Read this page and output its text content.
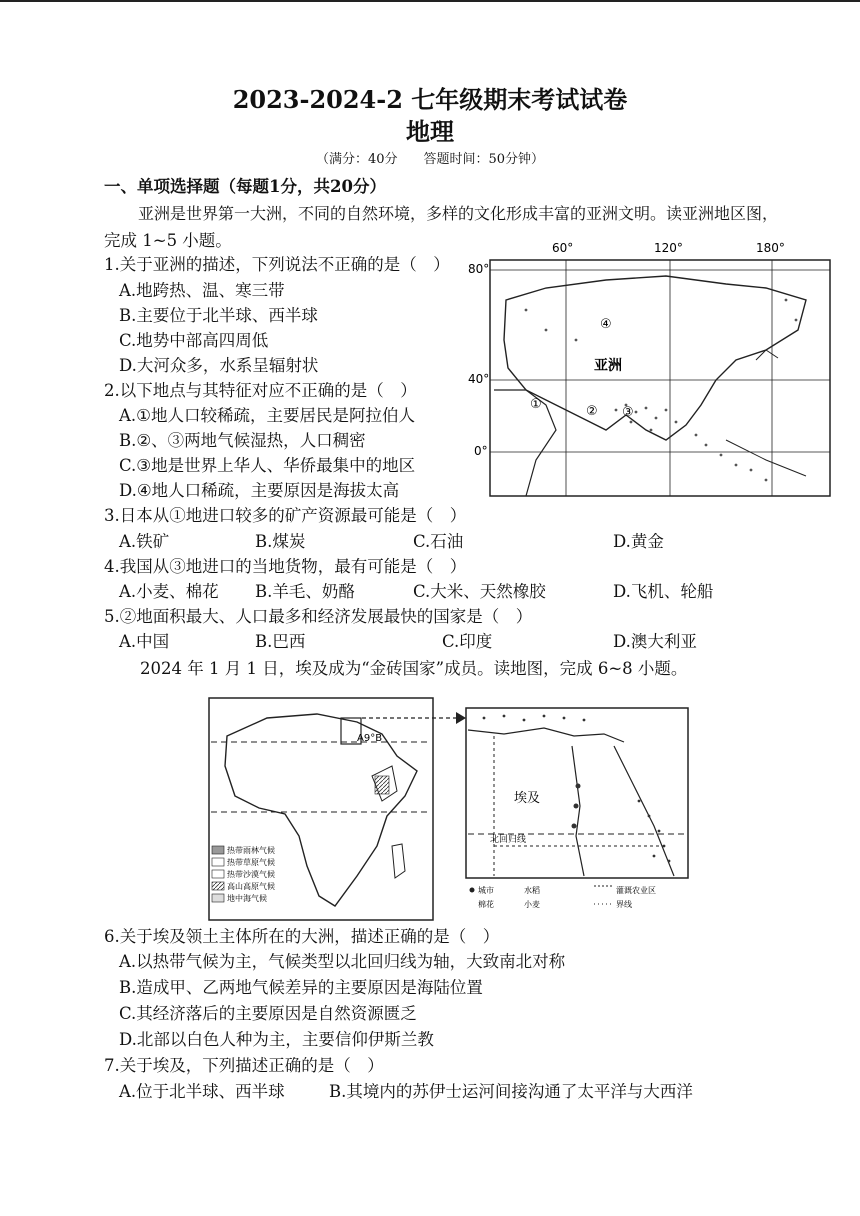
2023-2024-2 七年级期末考试试卷
地理
（满分：40分　　答题时间：50分钟）
一、单项选择题（每题1分，共20分）
亚洲是世界第一大洲，不同的自然环境，多样的文化形成丰富的亚洲文明。读亚洲地区图，
完成 1~5 小题。
1.关于亚洲的描述，下列说法不正确的是（　）
A.地跨热、温、寒三带
B.主要位于北半球、西半球
C.地势中部高四周低
D.大河众多，水系呈辐射状
2.以下地点与其特征对应不正确的是（　）
A.①地人口较稀疏，主要居民是阿拉伯人
B.②、③两地气候湿热，人口稠密
C.③地是世界上华人、华侨最集中的地区
D.④地人口稀疏，主要原因是海拔太高
3.日本从①地进口较多的矿产资源最可能是（　）
A.铁矿	B.煤炭	C.石油	D.黄金
4.我国从③地进口的当地货物，最有可能是（　）
A.小麦、棉花 B.羊毛、奶酪	C.大米、天然橡胶	D.飞机、轮船
5.②地面积最大、人口最多和经济发展最快的国家是（　）
A.中国	B.巴西	C.印度	D.澳大利亚
2024 年 1 月 1 日，埃及成为“金砖国家”成员。读地图，完成 6~8 小题。
60°	120°	180°
80°
40°
0°
亚洲
①	② ③
④
A9°B
热带雨林气候
热带草原气候
热带沙漠气候
高山高原气候
地中海气候
埃及
北回归线
城市	水稻	灌溉农业区
棉花	小麦	界线
6.关于埃及领土主体所在的大洲，描述正确的是（　）
A.以热带气候为主，气候类型以北回归线为轴，大致南北对称
B.造成甲、乙两地气候差异的主要原因是海陆位置
C.其经济落后的主要原因是自然资源匮乏
D.北部以白色人种为主，主要信仰伊斯兰教
7.关于埃及，下列描述正确的是（　）
A.位于北半球、西半球	B.其境内的苏伊士运河间接沟通了太平洋与大西洋
